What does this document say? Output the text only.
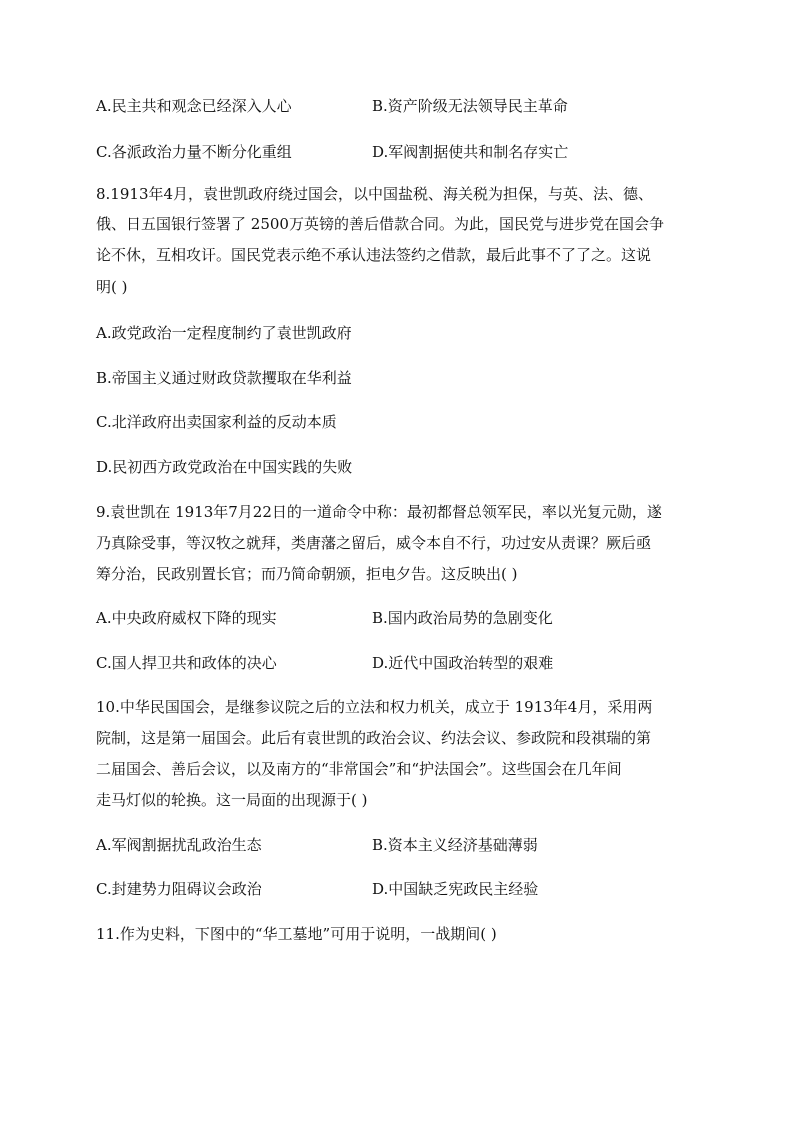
A.民主共和观念已经深入人心	B.资产阶级无法领导民主革命
C.各派政治力量不断分化重组	D.军阀割据使共和制名存实亡
8.1913年4月，袁世凯政府绕过国会，以中国盐税、海关税为担保，与英、法、德、
俄、日五国银行签署了 2500万英镑的善后借款合同。为此，国民党与进步党在国会争
论不休，互相攻讦。国民党表示绝不承认违法签约之借款，最后此事不了了之。这说
明( )
A.政党政治一定程度制约了袁世凯政府
B.帝国主义通过财政贷款攫取在华利益
C.北洋政府出卖国家利益的反动本质
D.民初西方政党政治在中国实践的失败
9.袁世凯在 1913年7月22日的一道命令中称：最初都督总领军民，率以光复元勋，遂
乃真除受事，等汉牧之就拜，类唐藩之留后，威令本自不行，功过安从责课？厥后亟
筹分治，民政别置长官；而乃简命朝颁，拒电夕告。这反映出( )
A.中央政府威权下降的现实	B.国内政治局势的急剧变化
C.国人捍卫共和政体的决心	D.近代中国政治转型的艰难
10.中华民国国会，是继参议院之后的立法和权力机关，成立于 1913年4月，采用两
院制，这是第一届国会。此后有袁世凯的政治会议、约法会议、参政院和段祺瑞的第
二届国会、善后会议，以及南方的“非常国会”和“护法国会”。这些国会在几年间
走马灯似的轮换。这一局面的出现源于( )
A.军阀割据扰乱政治生态	B.资本主义经济基础薄弱
C.封建势力阻碍议会政治	D.中国缺乏宪政民主经验
11.作为史料，下图中的“华工墓地”可用于说明，一战期间( )
